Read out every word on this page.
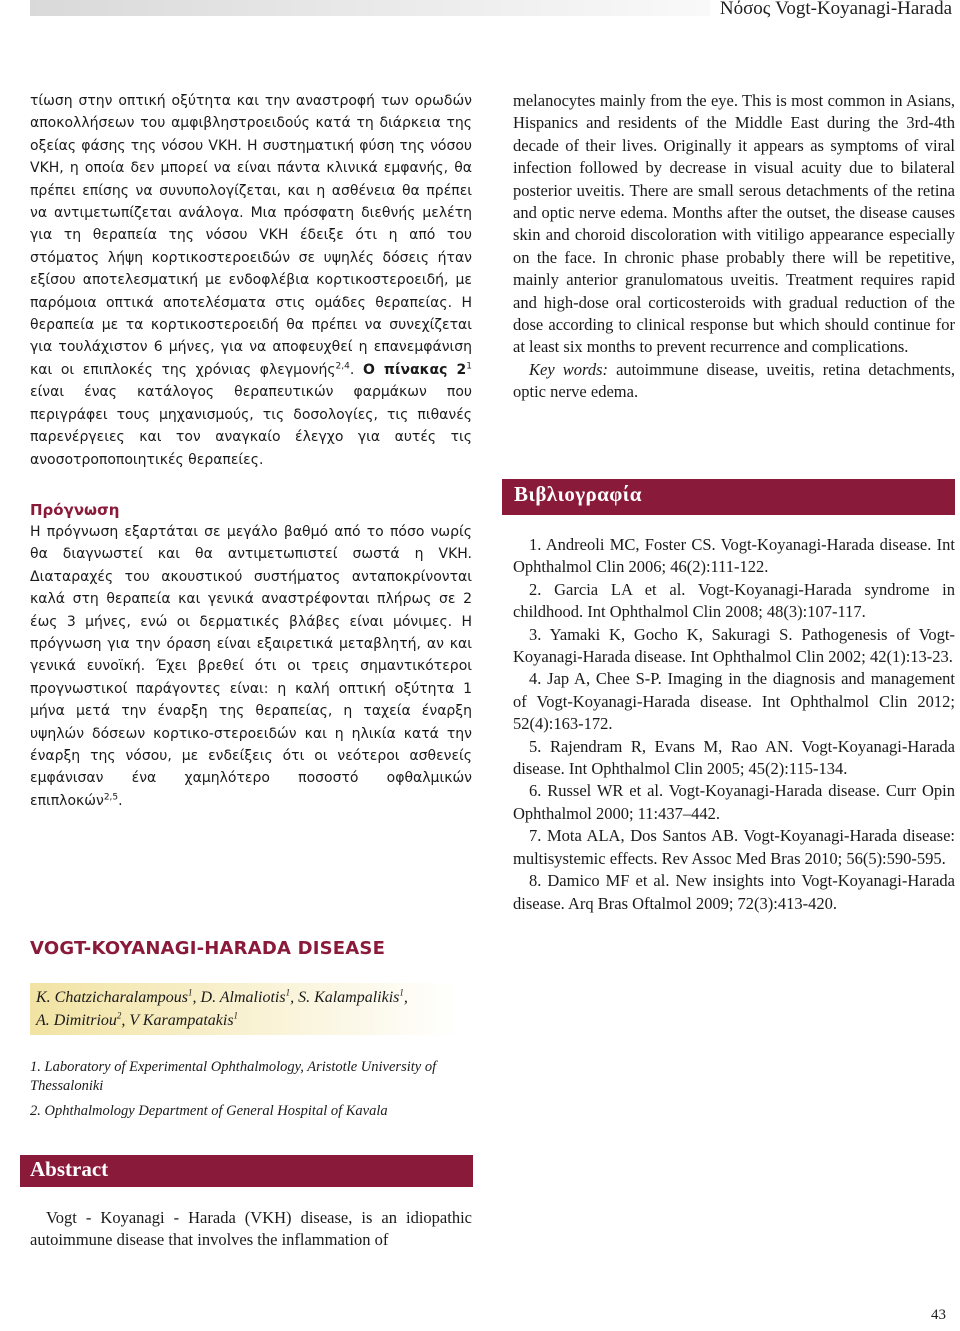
Νόσος Vogt-Koyanagi-Harada

τίωση στην οπτική οξύτητα και την αναστροφή των ορωδών αποκολλήσεων του αμφιβληστροειδούς κατά τη διάρκεια της οξείας φάσης της νόσου VKH. Η συστηματική φύση της νόσου VKH, η οποία δεν μπορεί να είναι πάντα κλινικά εμφανής, θα πρέπει επίσης να συνυπολογίζεται, και η ασθένεια θα πρέπει να αντιμετωπίζεται ανάλογα. Μια πρόσφατη διεθνής μελέτη για τη θεραπεία της νόσου VKH έδειξε ότι η από του στόματος λήψη κορτικοστεροειδών σε υψηλές δόσεις ήταν εξίσου αποτελεσματική με ενδοφλέβια κορτικοστεροειδή, με παρόμοια οπτικά αποτελέσματα στις ομάδες θεραπείας. Η θεραπεία με τα κορτικοστεροειδή θα πρέπει να συνεχίζεται για τουλάχιστον 6 μήνες, για να αποφευχθεί η επανεμφάνιση και οι επιπλοκές της χρόνιας φλεγμονής$^{2,4}$. Ο πίνακας $2^1$ είναι ένας κατάλογος θεραπευτικών φαρμάκων που περιγράφει τους μηχανισμούς, τις δοσολογίες, τις πιθανές παρενέργειες και τον αναγκαίο έλεγχο για αυτές τις ανοσοτροποποιητικές θεραπείες.

Πρόγνωση

Η πρόγνωση εξαρτάται σε μεγάλο βαθμό από το πόσο νωρίς θα διαγνωστεί και θα αντιμετωπιστεί σωστά η VKH. Διαταραχές του ακουστικού συστήματος ανταποκρίνονται καλά στη θεραπεία και γενικά αναστρέφονται πλήρως σε 2 έως 3 μήνες, ενώ οι δερματικές βλάβες είναι μόνιμες. Η πρόγνωση για την όραση είναι εξαιρετικά μεταβλητή, αν και γενικά ευνοϊκή. Έχει βρεθεί ότι οι τρεις σημαντικότεροι προγνωστικοί παράγοντες είναι: η καλή οπτική οξύτητα 1 μήνα μετά την έναρξη της θεραπείας, η ταχεία έναρξη υψηλών δόσεων κορτικο-στεροειδών και η ηλικία κατά την έναρξη της νόσου, με ενδείξεις ότι οι νεότεροι ασθενείς εμφάνισαν ένα χαμηλότερο ποσοστό οφθαλμικών επιπλοκών$^{2,5}$.

VOGT-KOYANAGI-HARADA DISEASE
K. Chatzicharalampous$^1$, D. Almaliotis$^1$, S. Kalampalikis$^1$,
A. Dimitriou$^2$, V Karampatakis$^1$
1. Laboratory of Experimental Ophthalmology, Aristotle University of Thessaloniki
2. Ophthalmology Department of General Hospital of Kavala
Abstract

Vogt - Koyanagi - Harada (VKH) disease, is an idiopathic autoimmune disease that involves the inflammation of

melanocytes mainly from the eye. This is most common in Asians, Hispanics and residents of the Middle East during the 3rd-4th decade of their lives. Originally it appears as symptoms of viral infection followed by decrease in visual acuity due to bilateral posterior uveitis. There are small serous detachments of the retina and optic nerve edema. Months after the outset, the disease causes skin and choroid discoloration with vitiligo appearance especially on the face. In chronic phase probably there will be repetitive, mainly anterior granulomatous uveitis. Treatment requires rapid and high-dose oral corticosteroids with gradual reduction of the dose according to clinical response but which should continue for at least six months to prevent recurrence and complications.

Key words: autoimmune disease, uveitis, retina detachments, optic nerve edema.

Βιβλιογραφία

1. Andreoli MC, Foster CS. Vogt-Koyanagi-Harada disease. Int Ophthalmol Clin 2006; 46(2):111-122.

2. Garcia LA et al. Vogt-Koyanagi-Harada syndrome in childhood. Int Ophthalmol Clin 2008; 48(3):107-117.

3. Yamaki K, Gocho K, Sakuragi S. Pathogenesis of Vogt-Koyanagi-Harada disease. Int Ophthalmol Clin 2002; 42(1):13-23.

4. Jap A, Chee S-P. Imaging in the diagnosis and management of Vogt-Koyanagi-Harada disease. Int Ophthalmol Clin 2012; 52(4):163-172.

5. Rajendram R, Evans M, Rao AN. Vogt-Koyanagi-Harada disease. Int Ophthalmol Clin 2005; 45(2):115-134.

6. Russel WR et al. Vogt-Koyanagi-Harada disease. Curr Opin Ophthalmol 2000; 11:437–442.

7. Mota ALA, Dos Santos AB. Vogt-Koyanagi-Harada disease: multisystemic effects. Rev Assoc Med Bras 2010; 56(5):590-595.

8. Damico MF et al. New insights into Vogt-Koyanagi-Harada disease. Arq Bras Oftalmol 2009; 72(3):413-420.

43
